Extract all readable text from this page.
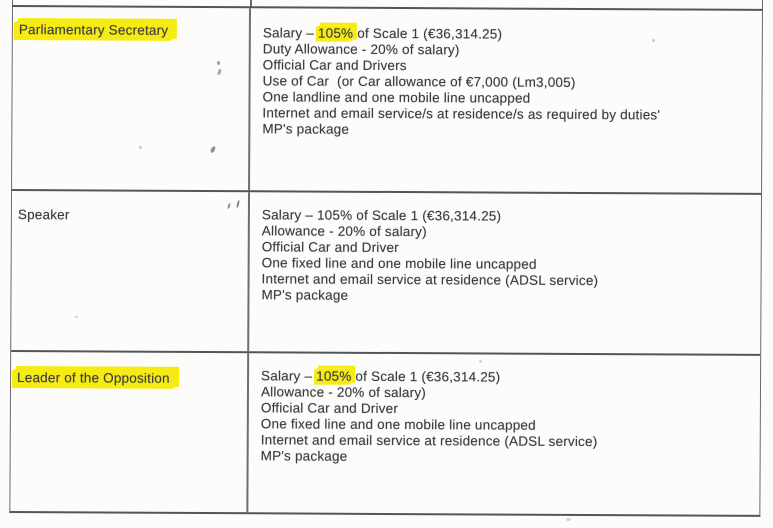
Parliamentary Secretary	Salary – 105% of Scale 1 (€36,314.25)
Duty Allowance - 20% of salary)
Official Car and Drivers
Use of Car  (or Car allowance of €7,000 (Lm3,005)
One landline and one mobile line uncapped
Internet and email service/s at residence/s as required by duties'
MP's package
Speaker	Salary – 105% of Scale 1 (€36,314.25)
Allowance - 20% of salary)
Official Car and Driver
One fixed line and one mobile line uncapped
Internet and email service at residence (ADSL service)
MP's package
Leader of the Opposition	Salary – 105% of Scale 1 (€36,314.25)
Allowance - 20% of salary)
Official Car and Driver
One fixed line and one mobile line uncapped
Internet and email service at residence (ADSL service)
MP's package
